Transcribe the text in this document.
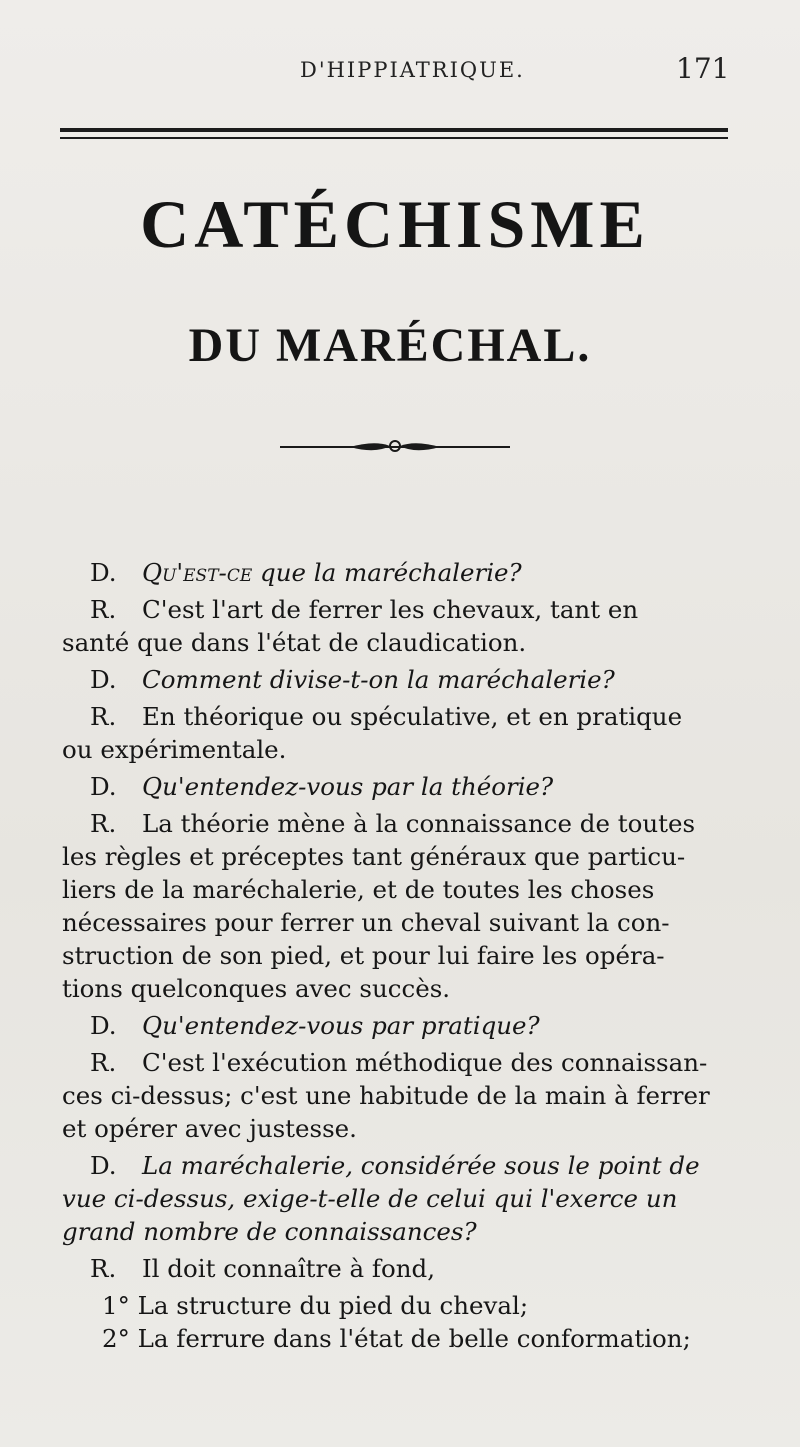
D'HIPPIATRIQUE.	171
CATÉCHISME
DU MARÉCHAL.
D. Qu'est-ce que la maréchalerie?
R. C'est l'art de ferrer les chevaux, tant en
santé que dans l'état de claudication.
D. Comment divise-t-on la maréchalerie?
R. En théorique ou spéculative, et en pratique
ou expérimentale.
D. Qu'entendez-vous par la théorie?
R. La théorie mène à la connaissance de toutes
les règles et préceptes tant généraux que particu-
liers de la maréchalerie, et de toutes les choses
nécessaires pour ferrer un cheval suivant la con-
struction de son pied, et pour lui faire les opéra-
tions quelconques avec succès.
D. Qu'entendez-vous par pratique?
R. C'est l'exécution méthodique des connaissan-
ces ci-dessus; c'est une habitude de la main à ferrer
et opérer avec justesse.
D. La maréchalerie, considérée sous le point de
vue ci-dessus, exige-t-elle de celui qui l'exerce un
grand nombre de connaissances?
R. Il doit connaître à fond,
1° La structure du pied du cheval;
2° La ferrure dans l'état de belle conformation;
